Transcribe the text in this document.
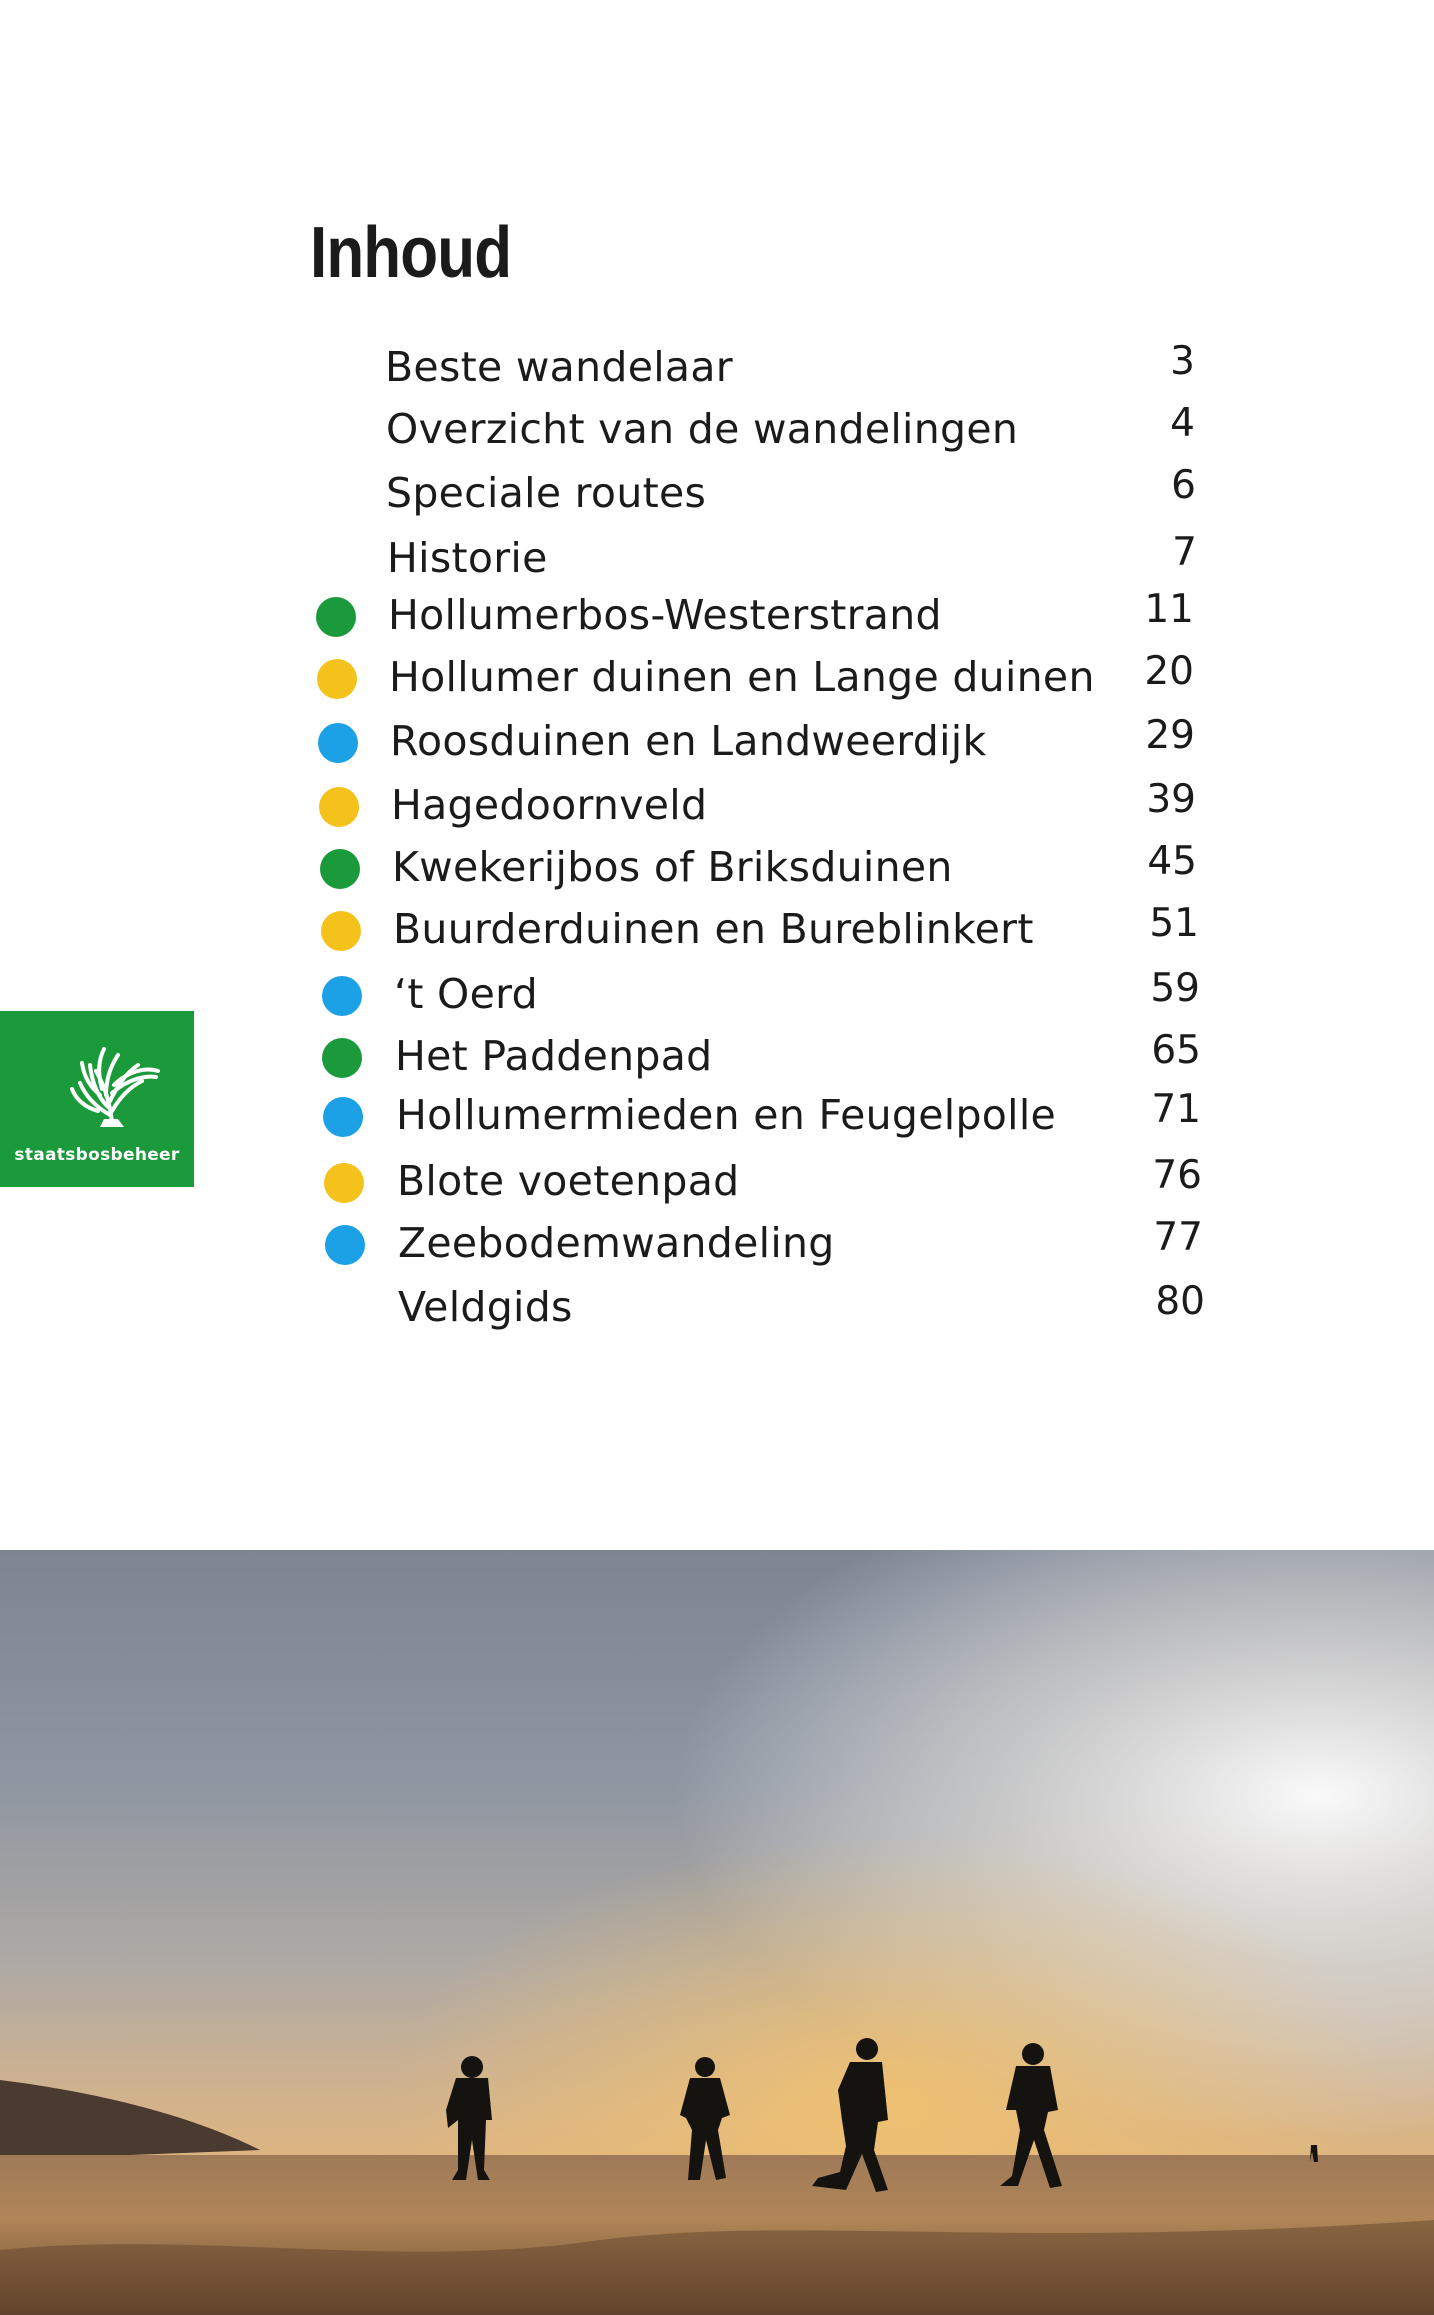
Inhoud
Beste wandelaar	3
Overzicht van de wandelingen	4
Speciale routes	6
Historie	7
Hollumerbos-Westerstrand	11
Hollumer duinen en Lange duinen	20
Roosduinen en Landweerdijk	29
Hagedoornveld	39
Kwekerijbos of Briksduinen	45
Buurderduinen en Bureblinkert	51
‘t Oerd	59
Het Paddenpad	65
Hollumermieden en Feugelpolle	71
Blote voetenpad	76
Zeebodemwandeling	77
Veldgids	80
staatsbosbeheer
